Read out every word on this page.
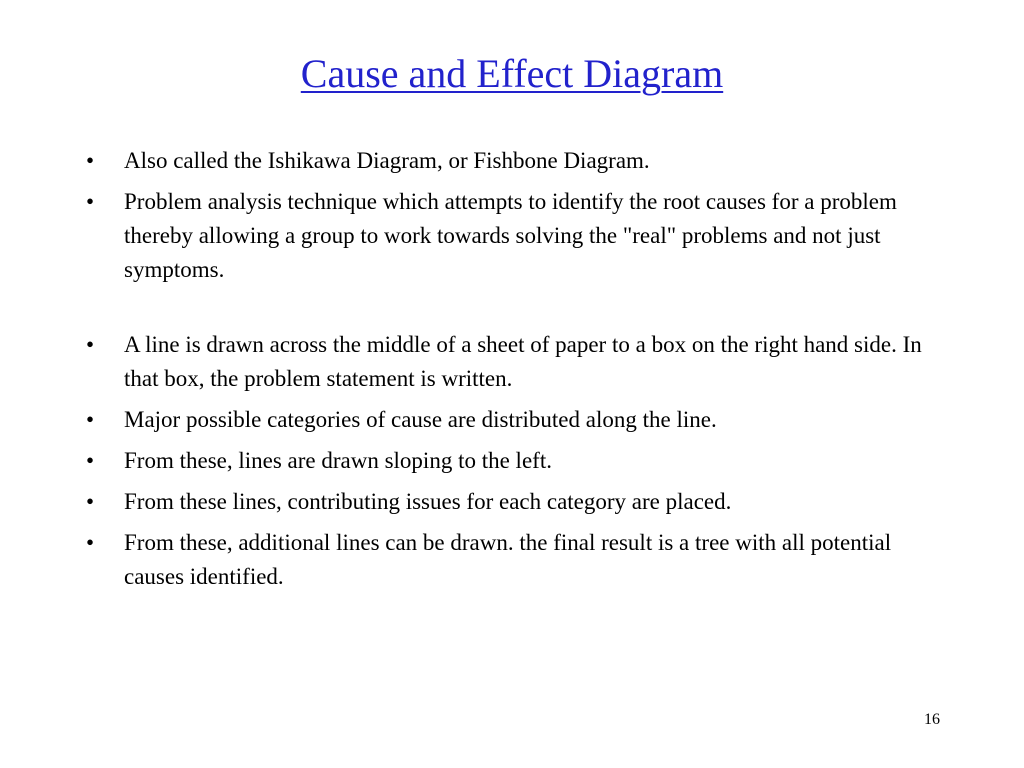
Cause and Effect Diagram
•	Also called the Ishikawa Diagram, or Fishbone Diagram.
•	Problem analysis technique which attempts to identify the root causes for a problem thereby allowing a group to work towards solving the "real" problems and not just symptoms.
•	A line is drawn across the middle of a sheet of paper to a box on the right hand side. In that box, the problem statement is written.
•	Major possible categories of cause are distributed along the line.
•	From these, lines are drawn sloping to the left.
•	From these lines, contributing issues for each category are placed.
•	From these, additional lines can be drawn. the final result is a tree with all potential causes identified.
16
